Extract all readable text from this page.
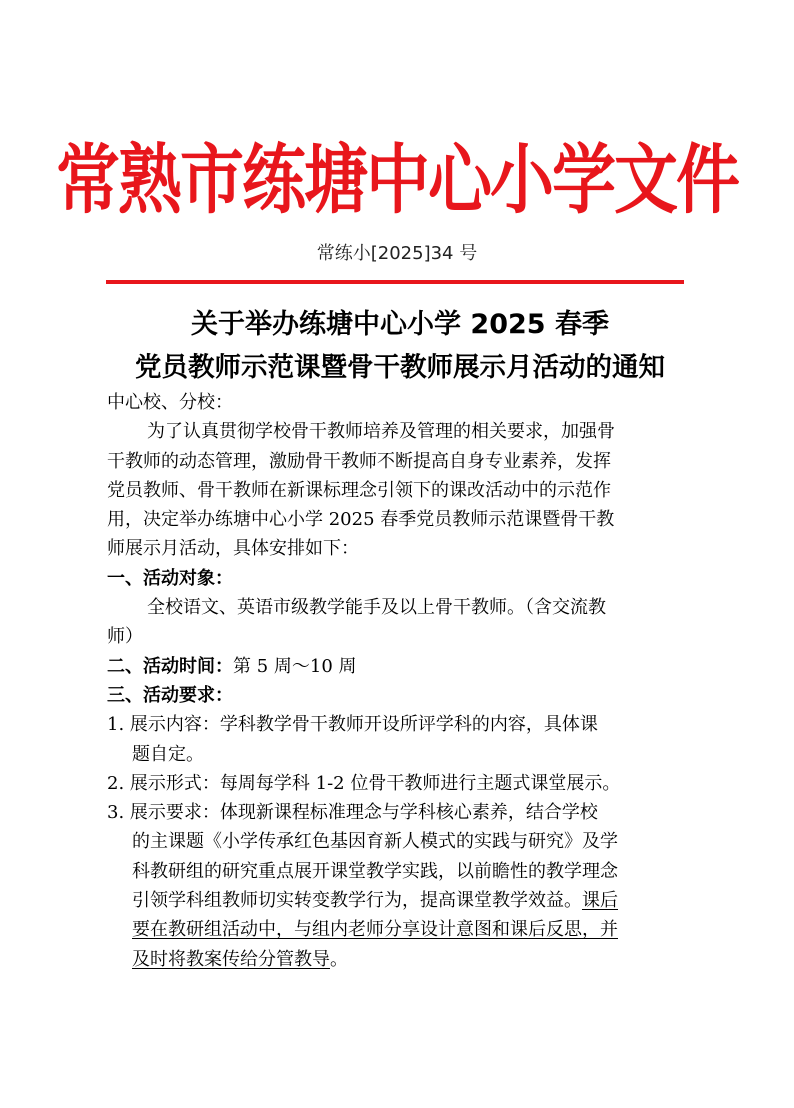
常熟市练塘中心小学文件
常练小[2025]34 号
关于举办练塘中心小学 2025 春季
党员教师示范课暨骨干教师展示月活动的通知
中心校、分校：
为了认真贯彻学校骨干教师培养及管理的相关要求，加强骨
干教师的动态管理，激励骨干教师不断提高自身专业素养，发挥
党员教师、骨干教师在新课标理念引领下的课改活动中的示范作
用，决定举办练塘中心小学 2025 春季党员教师示范课暨骨干教
师展示月活动，具体安排如下：
一、活动对象：
全校语文、英语市级教学能手及以上骨干教师。（含交流教
师）
二、活动时间：第 5 周～10 周
三、活动要求：
1. 展示内容：学科教学骨干教师开设所评学科的内容，具体课
题自定。
2. 展示形式：每周每学科 1-2 位骨干教师进行主题式课堂展示。
3. 展示要求：体现新课程标准理念与学科核心素养，结合学校
的主课题《小学传承红色基因育新人模式的实践与研究》及学
科教研组的研究重点展开课堂教学实践，以前瞻性的教学理念
引领学科组教师切实转变教学行为，提高课堂教学效益。课后
要在教研组活动中，与组内老师分享设计意图和课后反思，并
及时将教案传给分管教导。
